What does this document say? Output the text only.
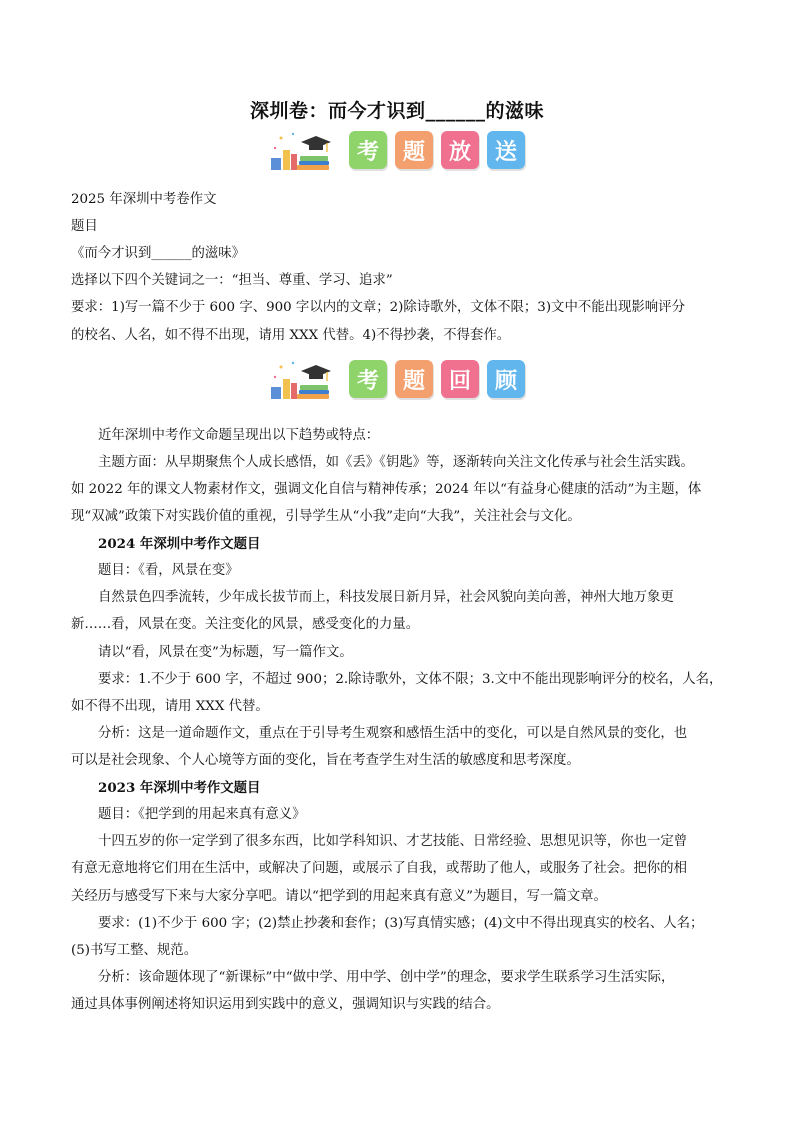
深圳卷：而今才识到______的滋味
考	题	放	送
2025 年深圳中考卷作文
题目
《而今才识到______的滋味》
选择以下四个关键词之一：“担当、尊重、学习、追求”
要求：1)写一篇不少于 600 字、900 字以内的文章；2)除诗歌外，文体不限；3)文中不能出现影响评分
的校名、人名，如不得不出现，请用 XXX 代替。4)不得抄袭，不得套作。
考	题	回	顾
近年深圳中考作文命题呈现出以下趋势或特点：
主题方面：从早期聚焦个人成长感悟，如《丢》《钥匙》等，逐渐转向关注文化传承与社会生活实践。
如 2022 年的课文人物素材作文，强调文化自信与精神传承；2024 年以“有益身心健康的活动”为主题，体
现“双减”政策下对实践价值的重视，引导学生从“小我”走向“大我”，关注社会与文化。
2024 年深圳中考作文题目
题目：《看，风景在变》
自然景色四季流转，少年成长拔节而上，科技发展日新月异，社会风貌向美向善，神州大地万象更
新……看，风景在变。关注变化的风景，感受变化的力量。
请以“看，风景在变”为标题，写一篇作文。
要求：1.不少于 600 字，不超过 900；2.除诗歌外，文体不限；3.文中不能出现影响评分的校名，人名，
如不得不出现，请用 XXX 代替。
分析：这是一道命题作文，重点在于引导考生观察和感悟生活中的变化，可以是自然风景的变化，也
可以是社会现象、个人心境等方面的变化，旨在考查学生对生活的敏感度和思考深度。
2023 年深圳中考作文题目
题目：《把学到的用起来真有意义》
十四五岁的你一定学到了很多东西，比如学科知识、才艺技能、日常经验、思想见识等，你也一定曾
有意无意地将它们用在生活中，或解决了问题，或展示了自我，或帮助了他人，或服务了社会。把你的相
关经历与感受写下来与大家分享吧。请以“把学到的用起来真有意义”为题目，写一篇文章。
要求：(1)不少于 600 字；(2)禁止抄袭和套作；(3)写真情实感；(4)文中不得出现真实的校名、人名；
(5)书写工整、规范。
分析：该命题体现了“新课标”中“做中学、用中学、创中学”的理念，要求学生联系学习生活实际，
通过具体事例阐述将知识运用到实践中的意义，强调知识与实践的结合。
